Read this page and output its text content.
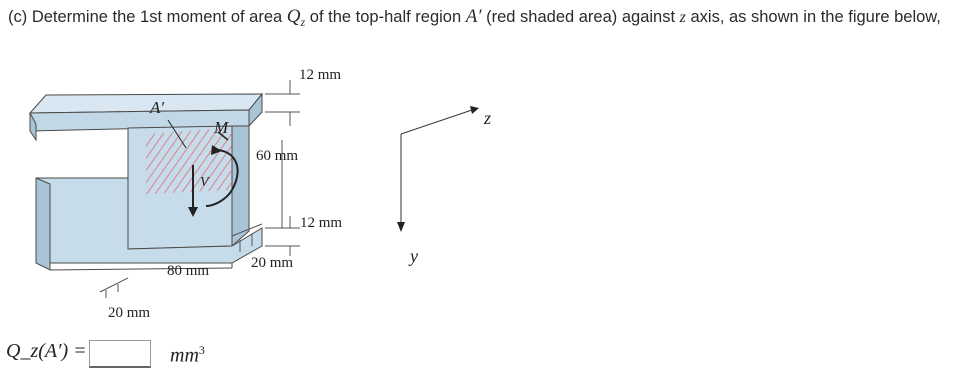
(c) Determine the 1st moment of area $Q_z$ of the top-half region A′ (red shaded area) against z axis, as shown in the figure below,
V
M
A′
12 mm
60 mm
12 mm
80 mm	20 mm
20 mm
z
y
Q_z(A′) =	$mm^3$
